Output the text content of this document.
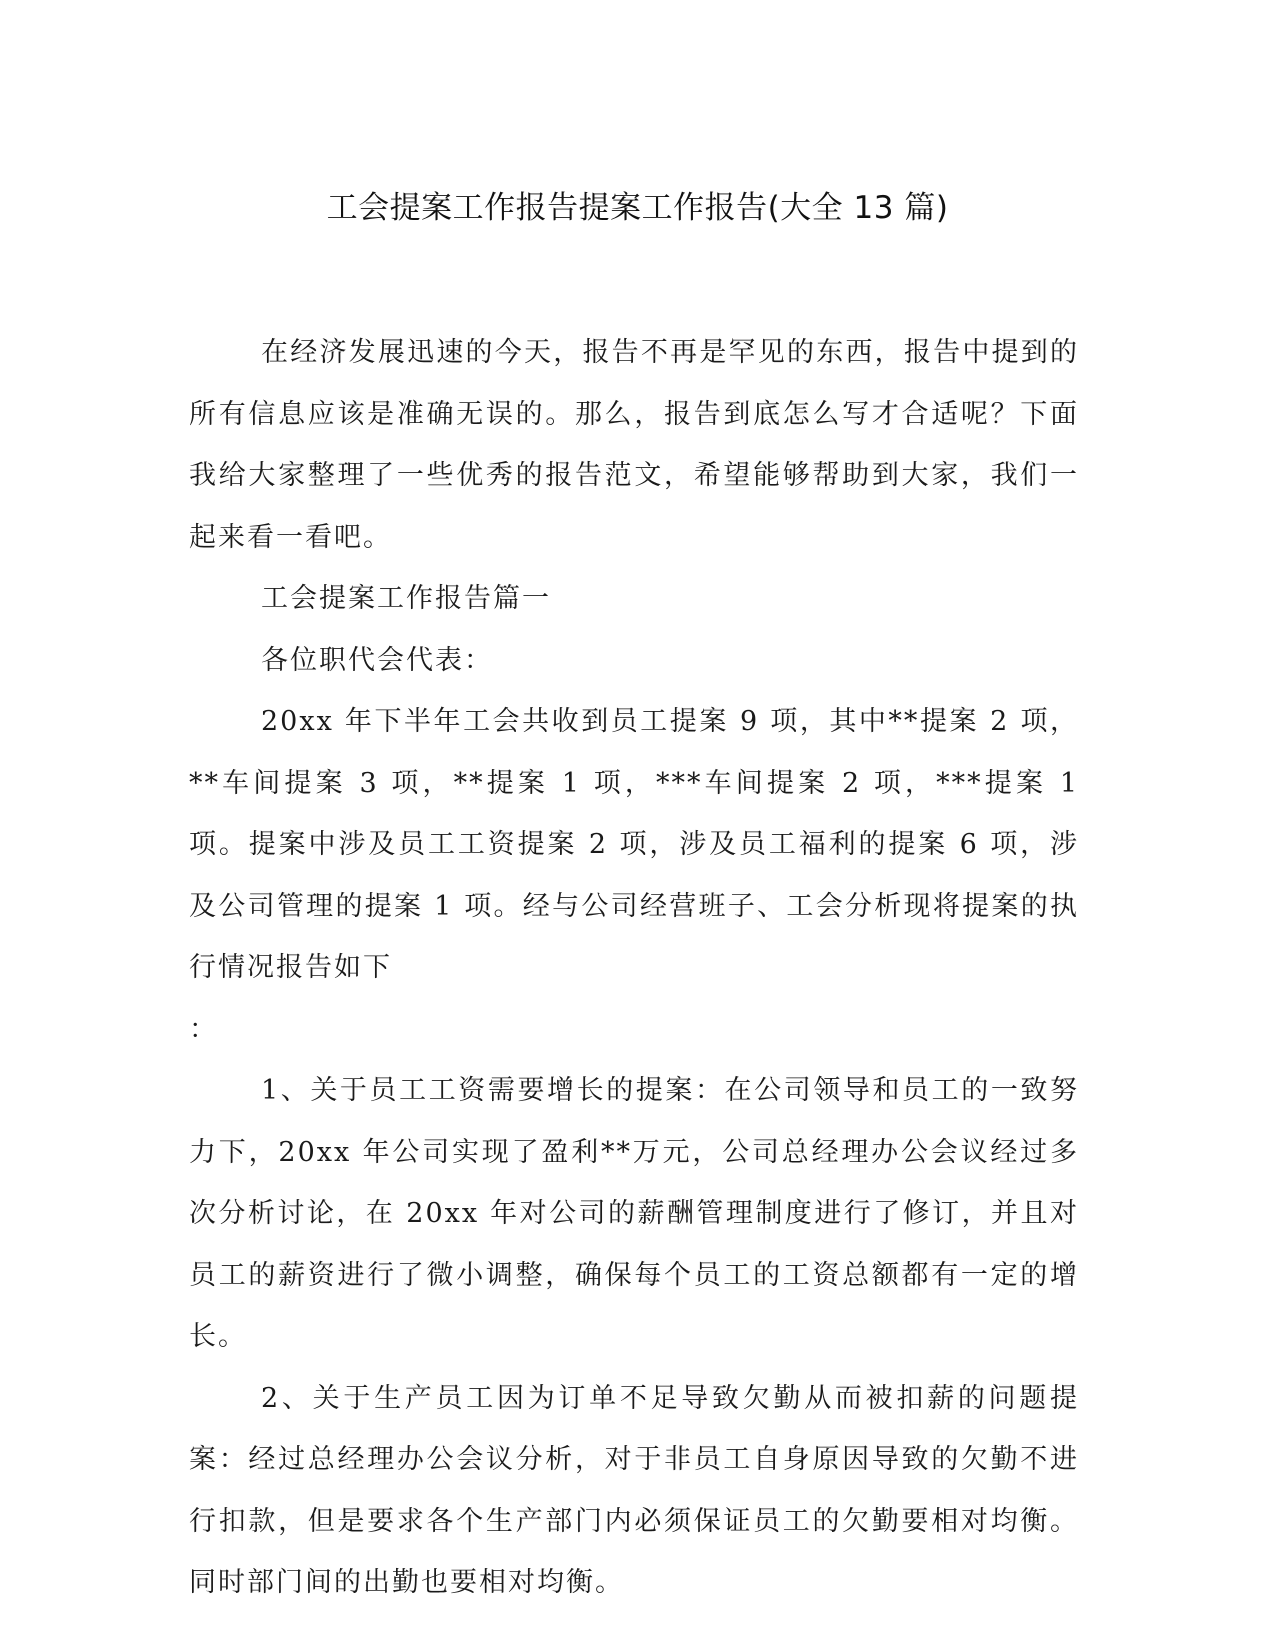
工会提案工作报告提案工作报告(大全 13 篇)

在经济发展迅速的今天，报告不再是罕见的东西，报告中提到的所有信息应该是准确无误的。那么，报告到底怎么写才合适呢？下面我给大家整理了一些优秀的报告范文，希望能够帮助到大家，我们一起来看一看吧。

工会提案工作报告篇一

各位职代会代表：

20xx 年下半年工会共收到员工提案 9 项，其中**提案 2 项，**车间提案 3 项，**提案 1 项，***车间提案 2 项，***提案 1 项。提案中涉及员工工资提案 2 项，涉及员工福利的提案 6 项，涉及公司管理的提案 1 项。经与公司经营班子、工会分析现将提案的执行情况报告如下

：

1、关于员工工资需要增长的提案：在公司领导和员工的一致努力下，20xx 年公司实现了盈利**万元，公司总经理办公会议经过多次分析讨论，在 20xx 年对公司的薪酬管理制度进行了修订，并且对员工的薪资进行了微小调整，确保每个员工的工资总额都有一定的增长。

2、关于生产员工因为订单不足导致欠勤从而被扣薪的问题提案：经过总经理办公会议分析，对于非员工自身原因导致的欠勤不进行扣款，但是要求各个生产部门内必须保证员工的欠勤要相对均衡。同时部门间的出勤也要相对均衡。
